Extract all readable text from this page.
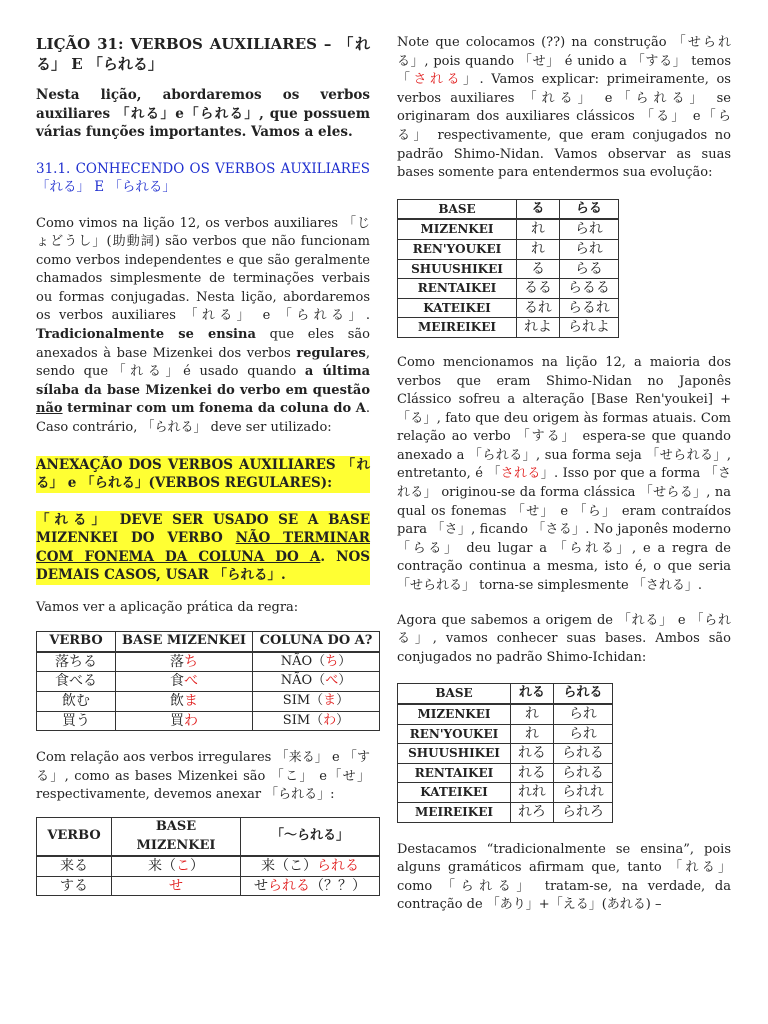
LIÇÃO 31: VERBOS AUXILIARES – 「れる」 E 「られる」

Nesta lição, abordaremos os verbos auxiliares 「れる」e「られる」, que possuem várias funções importantes. Vamos a eles.

31.1. CONHECENDO OS VERBOS AUXILIARES 「れる」 E 「られる」

Como vimos na lição 12, os verbos auxiliares 「じょどうし」(助動詞) são verbos que não funcionam como verbos independentes e que são geralmente chamados simplesmente de terminações verbais ou formas conjugadas. Nesta lição, abordaremos os verbos auxiliares 「れる」 e 「られる」. Tradicionalmente se ensina que eles são anexados à base Mizenkei dos verbos regulares, sendo que「れる」é usado quando a última sílaba da base Mizenkei do verbo em questão não terminar com um fonema da coluna do A. Caso contrário, 「られる」 deve ser utilizado:

ANEXAÇÃO DOS VERBOS AUXILIARES 「れる」 e 「られる」(VERBOS REGULARES):

「れる」 DEVE SER USADO SE A BASE MIZENKEI DO VERBO NÃO TERMINAR COM FONEMA DA COLUNA DO A. NOS DEMAIS CASOS, USAR 「られる」.

Vamos ver a aplicação prática da regra:

VERBO	BASE MIZENKEI	COLUNA DO A?
落ちる	落ち	NÃO（ち）
食べる	食べ	NÃO（べ）
飲む	飲ま	SIM（ま）
買う	買わ	SIM（わ）

Com relação aos verbos irregulares 「来る」 e 「する」, como as bases Mizenkei são 「こ」 e「せ」 respectivamente, devemos anexar 「られる」:

VERBO	BASE MIZENKEI	「～られる」
来る	来（こ）	来（こ）られる
する	せ	せられる（？？）

Note que colocamos (??) na construção 「せられる」, pois quando 「せ」 é unido a 「する」 temos 「される」. Vamos explicar: primeiramente, os verbos auxiliares 「れる」 e「られる」 se originaram dos auxiliares clássicos 「る」 e「らる」 respectivamente, que eram conjugados no padrão Shimo-Nidan. Vamos observar as suas bases somente para entendermos sua evolução:

BASE	る	らる
MIZENKEI	れ	られ
REN'YOUKEI	れ	られ
SHUUSHIKEI	る	らる
RENTAIKEI	るる	らるる
KATEIKEI	るれ	らるれ
MEIREIKEI	れよ	られよ

Como mencionamos na lição 12, a maioria dos verbos que eram Shimo-Nidan no Japonês Clássico sofreu a alteração [Base Ren'youkei] + 「る」, fato que deu origem às formas atuais. Com relação ao verbo 「する」 espera-se que quando anexado a 「られる」, sua forma seja 「せられる」, entretanto, é 「される」. Isso por que a forma 「される」 originou-se da forma clássica 「せらる」, na qual os fonemas 「せ」 e 「ら」 eram contraídos para 「さ」, ficando 「さる」. No japonês moderno 「らる」 deu lugar a 「られる」, e a regra de contração continua a mesma, isto é, o que seria 「せられる」 torna-se simplesmente 「される」.

Agora que sabemos a origem de 「れる」 e 「られる」, vamos conhecer suas bases. Ambos são conjugados no padrão Shimo-Ichidan:

BASE	れる	られる
MIZENKEI	れ	られ
REN'YOUKEI	れ	られ
SHUUSHIKEI	れる	られる
RENTAIKEI	れる	られる
KATEIKEI	れれ	られれ
MEIREIKEI	れろ	られろ

Destacamos “tradicionalmente se ensina”, pois alguns gramáticos afirmam que, tanto 「れる」 como 「られる」 tratam-se, na verdade, da contração de 「あり」+「える」(あれる) –
